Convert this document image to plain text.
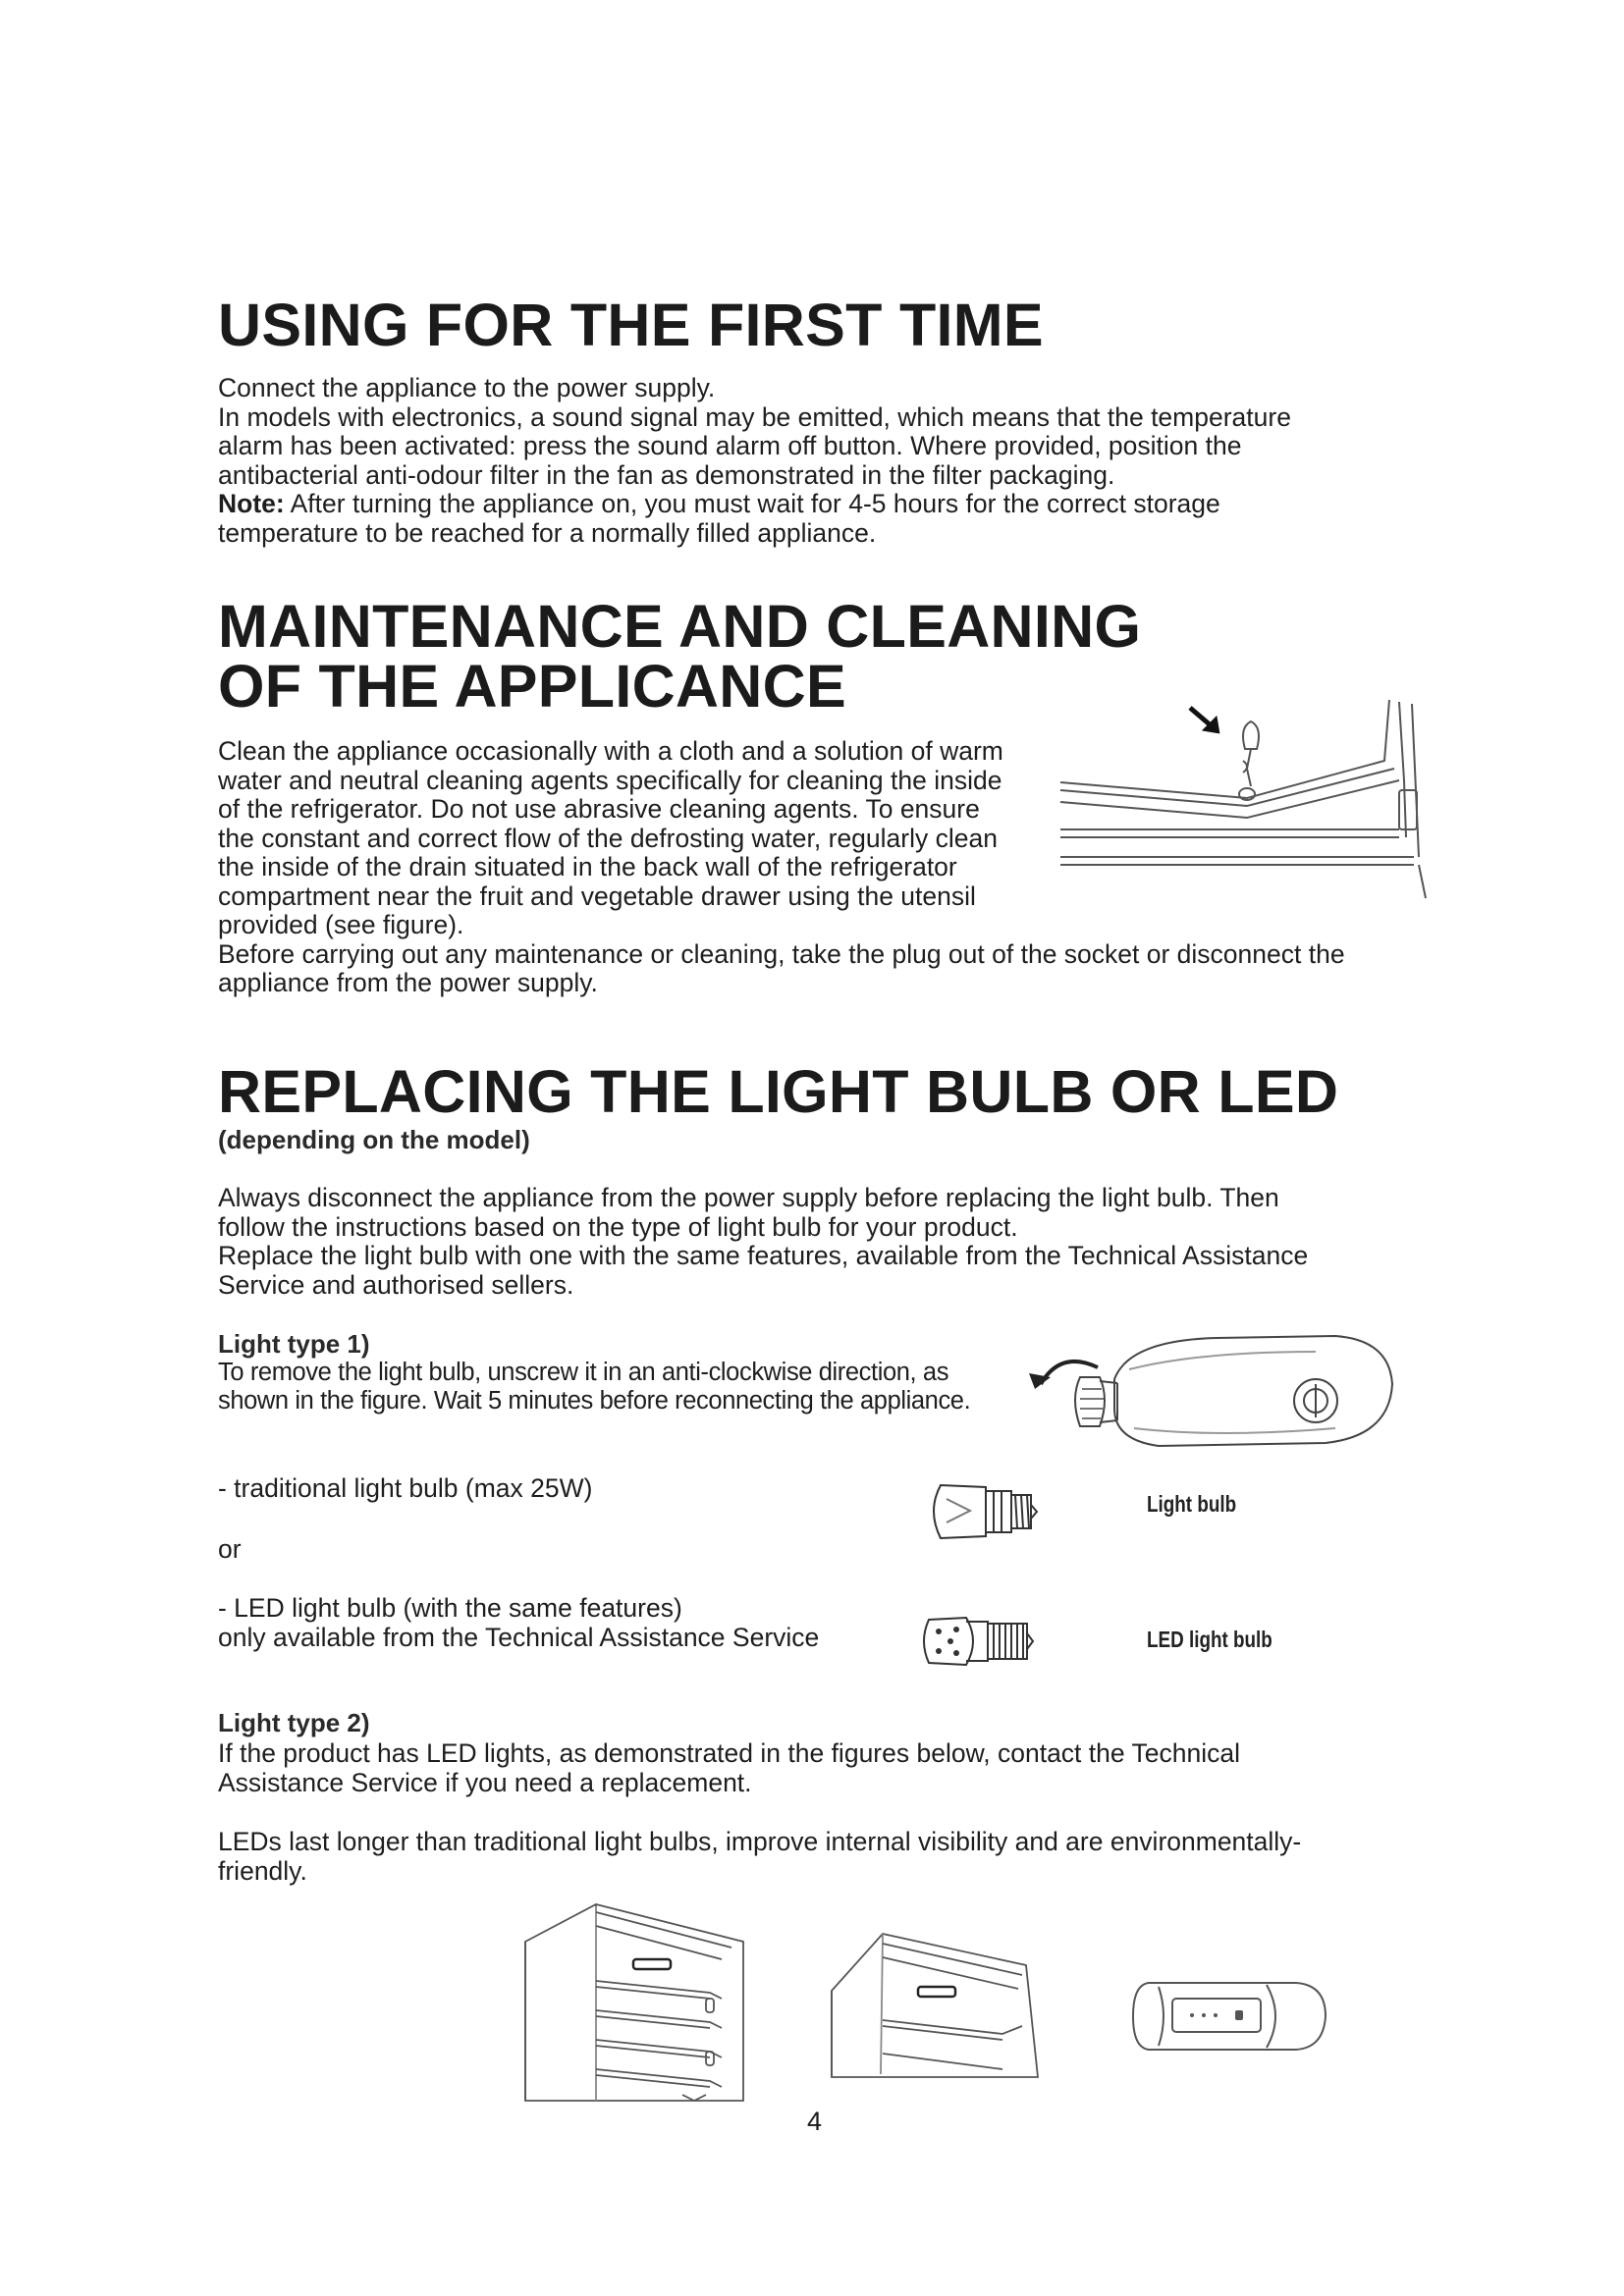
USING FOR THE FIRST TIME
Connect the appliance to the power supply.
In models with electronics, a sound signal may be emitted, which means that the temperature
alarm has been activated: press the sound alarm off button. Where provided, position the
antibacterial anti-odour filter in the fan as demonstrated in the filter packaging.
Note: After turning the appliance on, you must wait for 4-5 hours for the correct storage
temperature to be reached for a normally filled appliance.
MAINTENANCE AND CLEANING
OF THE APPLICANCE
Clean the appliance occasionally with a cloth and a solution of warm
water and neutral cleaning agents specifically for cleaning the inside
of the refrigerator. Do not use abrasive cleaning agents. To ensure
the constant and correct flow of the defrosting water, regularly clean
the inside of the drain situated in the back wall of the refrigerator
compartment near the fruit and vegetable drawer using the utensil
provided (see figure).
Before carrying out any maintenance or cleaning, take the plug out of the socket or disconnect the
appliance from the power supply.
REPLACING THE LIGHT BULB OR LED
(depending on the model)
Always disconnect the appliance from the power supply before replacing the light bulb. Then
follow the instructions based on the type of light bulb for your product.
Replace the light bulb with one with the same features, available from the Technical Assistance
Service and authorised sellers.
Light type 1)
To remove the light bulb, unscrew it in an anti-clockwise direction, as
shown in the figure. Wait 5 minutes before reconnecting the appliance.
- traditional light bulb (max 25W)
or
- LED light bulb (with the same features)
only available from the Technical Assistance Service
Light bulb
LED light bulb
Light type 2)
If the product has LED lights, as demonstrated in the figures below, contact the Technical
Assistance Service if you need a replacement.
LEDs last longer than traditional light bulbs, improve internal visibility and are environmentally-
friendly.
4
